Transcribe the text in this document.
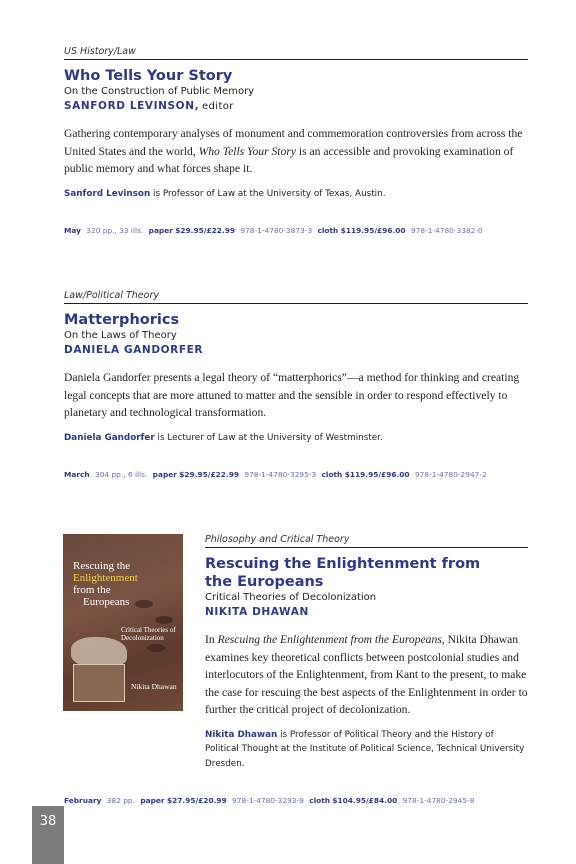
US History/Law
Who Tells Your Story
On the Construction of Public Memory
SANFORD LEVINSON, editor
Gathering contemporary analyses of monument and commemoration controversies from across the United States and the world, Who Tells Your Story is an accessible and provoking examination of public memory and what forces shape it.
Sanford Levinson is Professor of Law at the University of Texas, Austin.
May 320 pp., 33 ills. paper $29.95/£22.99 978-1-4780-3873-3 cloth $119.95/£96.00 978-1-4780-3382-0
Law/Political Theory
Matterphorics
On the Laws of Theory
DANIELA GANDORFER
Daniela Gandorfer presents a legal theory of “matterphorics”—a method for thinking and creating legal concepts that are more attuned to matter and the sensible in order to respond effectively to planetary and technological transformation.
Daniela Gandorfer is Lecturer of Law at the University of Westminster.
March 304 pp., 6 ills. paper $29.95/£22.99 978-1-4780-3295-3 cloth $119.95/£96.00 978-1-4780-2947-2
Rescuing the
Enlightenment
from the
Europeans
Critical Theories of
Decolonization
Nikita Dhawan
Philosophy and Critical Theory
Rescuing the Enlightenment from
the Europeans
Critical Theories of Decolonization
NIKITA DHAWAN
In Rescuing the Enlightenment from the Europeans, Nikita Dhawan examines key theoretical conflicts between postcolonial studies and interlocutors of the Enlightenment, from Kant to the present, to make the case for rescuing the best aspects of the Enlightenment in order to further the critical project of decolonization.
Nikita Dhawan is Professor of Political Theory and the History of Political Thought at the Institute of Political Science, Technical University Dresden.
February 382 pp. paper $27.95/£20.99 978-1-4780-3293-9 cloth $104.95/£84.00 978-1-4780-2945-8
38
